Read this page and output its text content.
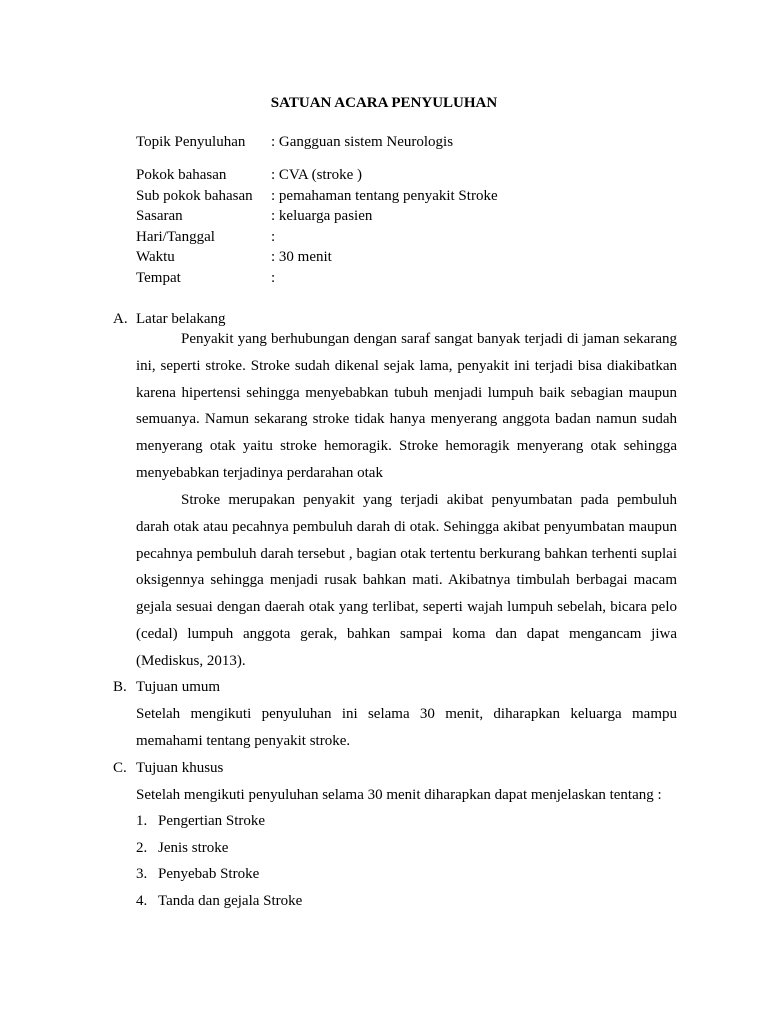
SATUAN ACARA PENYULUHAN
Topik Penyuluhan : Gangguan sistem Neurologis
Pokok bahasan	: CVA (stroke )
Sub pokok bahasan : pemahaman tentang penyakit Stroke
Sasaran	: keluarga pasien
Hari/Tanggal	:
Waktu	: 30 menit
Tempat	:
A. Latar belakang
Penyakit yang berhubungan dengan saraf sangat banyak terjadi di jaman sekarang
ini, seperti stroke. Stroke sudah dikenal sejak lama, penyakit ini terjadi bisa diakibatkan
karena hipertensi sehingga menyebabkan tubuh menjadi lumpuh baik sebagian maupun
semuanya. Namun sekarang stroke tidak hanya menyerang anggota badan namun sudah
menyerang otak yaitu stroke hemoragik. Stroke hemoragik menyerang otak sehingga
menyebabkan terjadinya perdarahan otak
Stroke merupakan penyakit yang terjadi akibat penyumbatan pada pembuluh
darah otak atau pecahnya pembuluh darah di otak. Sehingga akibat penyumbatan maupun
pecahnya pembuluh darah tersebut , bagian otak tertentu berkurang bahkan terhenti suplai
oksigennya sehingga menjadi rusak bahkan mati. Akibatnya timbulah berbagai macam
gejala sesuai dengan daerah otak yang terlibat, seperti wajah lumpuh sebelah, bicara pelo
(cedal) lumpuh anggota gerak, bahkan sampai koma dan dapat mengancam jiwa
(Mediskus, 2013).
B. Tujuan umum
Setelah mengikuti penyuluhan ini selama 30 menit, diharapkan keluarga mampu
memahami tentang penyakit stroke.
C. Tujuan khusus
Setelah mengikuti penyuluhan selama 30 menit diharapkan dapat menjelaskan tentang :
1. Pengertian Stroke
2. Jenis stroke
3. Penyebab Stroke
4. Tanda dan gejala Stroke
